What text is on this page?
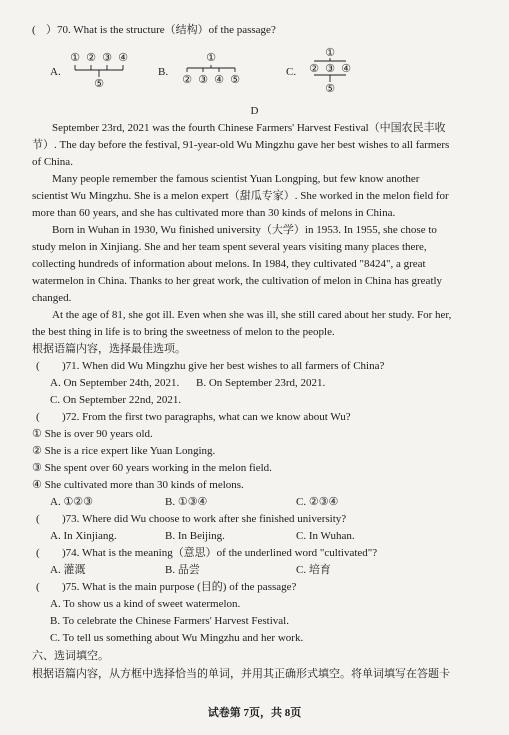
( ）70. What is the structure（结构）of the passage?
A.
① ② ③ ④
⑤
B.
①
② ③ ④ ⑤
C.
①
② ③ ④
⑤
D
September 23rd, 2021 was the fourth Chinese Farmers' Harvest Festival（中国农民丰收
节）. The day before the festival, 91-year-old Wu Mingzhu gave her best wishes to all farmers
of China.
Many people remember the famous scientist Yuan Longping, but few know another
scientist Wu Mingzhu. She is a melon expert（甜瓜专家）. She worked in the melon field for
more than 60 years, and she has cultivated more than 30 kinds of melons in China.
Born in Wuhan in 1930, Wu finished university（大学）in 1953. In 1955, she chose to
study melon in Xinjiang. She and her team spent several years visiting many places there,
collecting hundreds of information about melons. In 1984, they cultivated "8424", a great
watermelon in China. Thanks to her great work, the cultivation of melon in China has greatly
changed.
At the age of 81, she got ill. Even when she was ill, she still cared about her study. For her,
the best thing in life is to bring the sweetness of melon to the people.
根据语篇内容，选择最佳选项。
( )71. When did Wu Mingzhu give her best wishes to all farmers of China?
A. On September 24th, 2021. B. On September 23rd, 2021.
C. On September 22nd, 2021.
( )72. From the first two paragraphs, what can we know about Wu?
① She is over 90 years old.
② She is a rice expert like Yuan Longing.
③ She spent over 60 years working in the melon field.
④ She cultivated more than 30 kinds of melons.
A. ①②③	B. ①③④	C. ②③④
( )73. Where did Wu choose to work after she finished university?
A. In Xinjiang.	B. In Beijing.	C. In Wuhan.
( )74. What is the meaning（意思）of the underlined word "cultivated"?
A. 灌溉	B. 品尝	C. 培育
( )75. What is the main purpose (目的) of the passage?
A. To show us a kind of sweet watermelon.
B. To celebrate the Chinese Farmers' Harvest Festival.
C. To tell us something about Wu Mingzhu and her work.
六、选词填空。
根据语篇内容，从方框中选择恰当的单词，并用其正确形式填空。将单词填写在答题卡
试卷第 7页，共 8页
